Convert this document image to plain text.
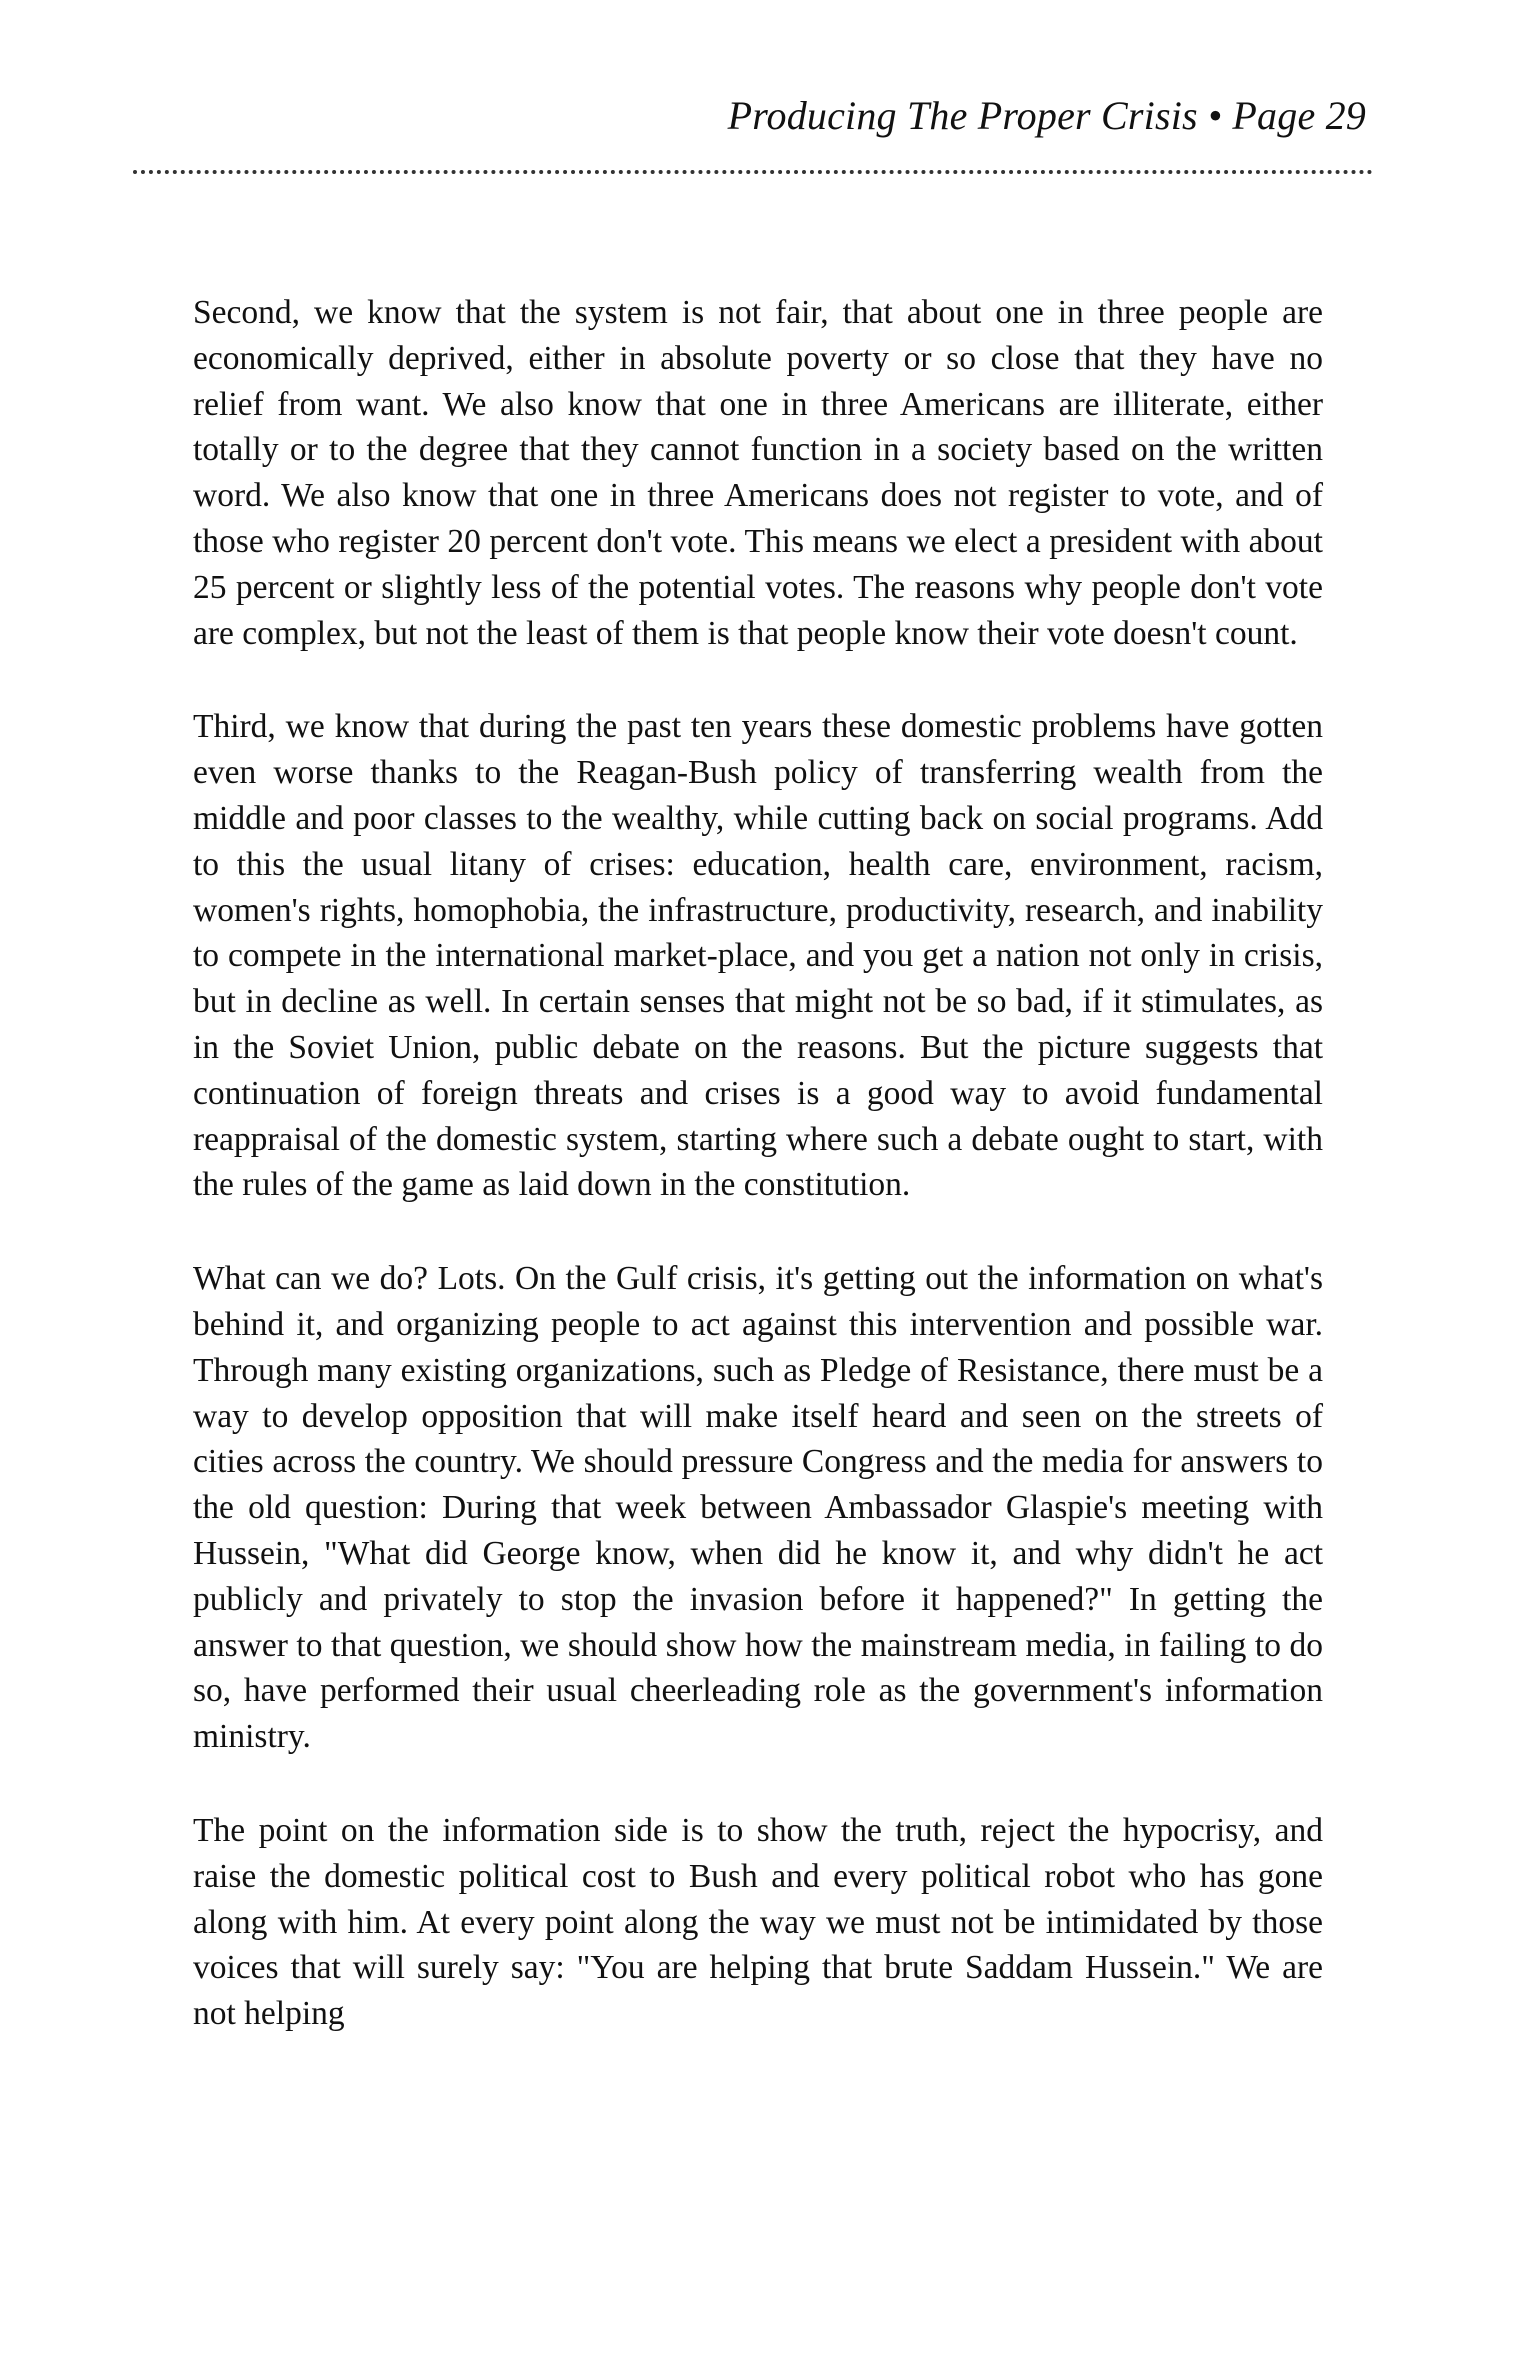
Producing The Proper Crisis • Page 29

Second, we know that the system is not fair, that about one in three people are economically deprived, either in absolute poverty or so close that they have no relief from want. We also know that one in three Americans are illiterate, either totally or to the degree that they cannot function in a society based on the written word. We also know that one in three Americans does not register to vote, and of those who register 20 percent don't vote. This means we elect a president with about 25 percent or slightly less of the potential votes. The reasons why people don't vote are complex, but not the least of them is that people know their vote doesn't count.

Third, we know that during the past ten years these domestic problems have gotten even worse thanks to the Reagan-Bush policy of transferring wealth from the middle and poor classes to the wealthy, while cutting back on social programs. Add to this the usual litany of crises: education, health care, environment, racism, women's rights, homophobia, the infrastructure, productivity, research, and inability to compete in the international market-place, and you get a nation not only in crisis, but in decline as well. In certain senses that might not be so bad, if it stimulates, as in the Soviet Union, public debate on the reasons. But the picture suggests that continuation of foreign threats and crises is a good way to avoid fundamental reappraisal of the domestic system, starting where such a debate ought to start, with the rules of the game as laid down in the constitution.

What can we do? Lots. On the Gulf crisis, it's getting out the information on what's behind it, and organizing people to act against this intervention and possible war. Through many existing organizations, such as Pledge of Resistance, there must be a way to develop opposition that will make itself heard and seen on the streets of cities across the country. We should pressure Congress and the media for answers to the old question: During that week between Ambassador Glaspie's meeting with Hussein, "What did George know, when did he know it, and why didn't he act publicly and privately to stop the invasion before it happened?" In getting the answer to that question, we should show how the mainstream media, in failing to do so, have performed their usual cheerleading role as the government's information ministry.

The point on the information side is to show the truth, reject the hypocrisy, and raise the domestic political cost to Bush and every political robot who has gone along with him. At every point along the way we must not be intimidated by those voices that will surely say: "You are helping that brute Saddam Hussein." We are not helping
